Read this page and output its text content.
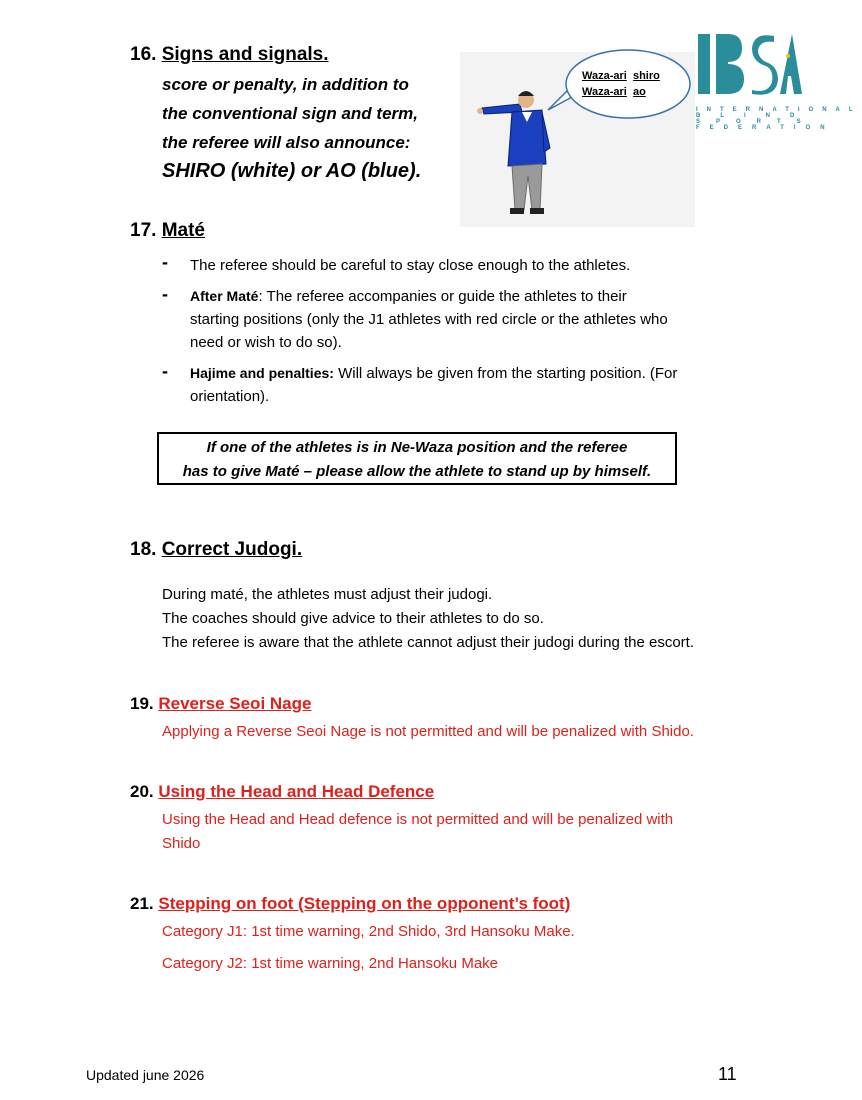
16. Signs and signals.
score or penalty, in addition to
the conventional sign and term,
the referee will also announce:
SHIRO (white) or AO (blue).
Waza-ari shiro
Waza-ari ao
INTERNATIONAL
BLIND
SPORTS
FEDERATION
17. Maté
- The referee should be careful to stay close enough to the athletes.
- After Maté: The referee accompanies or guide the athletes to their
starting positions (only the J1 athletes with red circle or the athletes who
need or wish to do so).
- Hajime and penalties: Will always be given from the starting position. (For
orientation).
If one of the athletes is in Ne-Waza position and the referee
has to give Maté – please allow the athlete to stand up by himself.
18. Correct Judogi.
During maté, the athletes must adjust their judogi.
The coaches should give advice to their athletes to do so.
The referee is aware that the athlete cannot adjust their judogi during the escort.
19. Reverse Seoi Nage
Applying a Reverse Seoi Nage is not permitted and will be penalized with Shido.
20. Using the Head and Head Defence
Using the Head and Head defence is not permitted and will be penalized with
Shido
21. Stepping on foot (Stepping on the opponent’s foot)
Category J1: 1st time warning, 2nd Shido, 3rd Hansoku Make.
Category J2: 1st time warning, 2nd Hansoku Make
Updated june 2026	11
